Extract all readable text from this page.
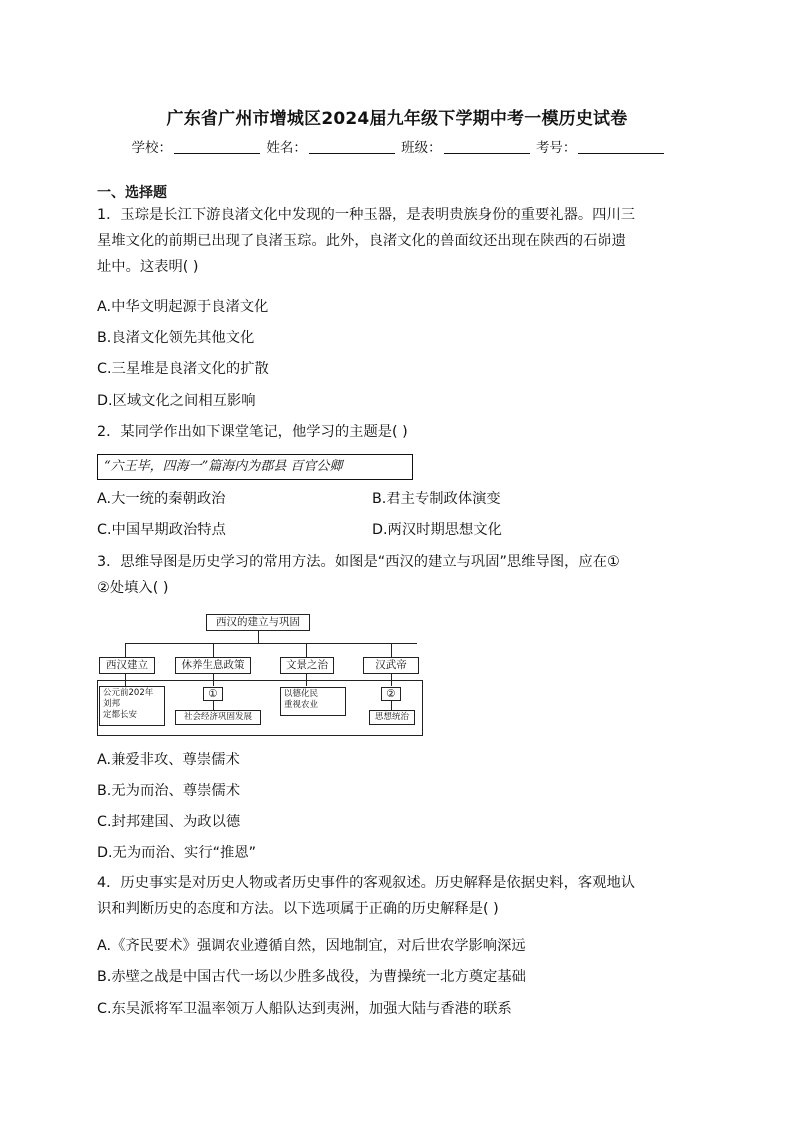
广东省广州市增城区2024届九年级下学期中考一模历史试卷
学校：	姓名：	班级：	考号：
一、选择题
1．玉琮是长江下游良渚文化中发现的一种玉器，是表明贵族身份的重要礼器。四川三
星堆文化的前期已出现了良渚玉琮。此外，良渚文化的兽面纹还出现在陕西的石峁遗
址中。这表明( )
A.中华文明起源于良渚文化
B.良渚文化领先其他文化
C.三星堆是良渚文化的扩散
D.区域文化之间相互影响
2．某同学作出如下课堂笔记，他学习的主题是( )
“六王毕，四海一”篇海内为郡县 百官公卿
A.大一统的秦朝政治	B.君主专制政体演变
C.中国早期政治特点	D.两汉时期思想文化
3．思维导图是历史学习的常用方法。如图是“西汉的建立与巩固”思维导图，应在①
②处填入( )
西汉的建立与巩固
西汉建立	休养生息政策	文景之治	汉武帝
公元前202年
刘邦
定都长安
①
社会经济巩固发展
以德化民
重视农业
②
思想统治
A.兼爱非攻、尊崇儒术
B.无为而治、尊崇儒术
C.封邦建国、为政以德
D.无为而治、实行“推恩”
4．历史事实是对历史人物或者历史事件的客观叙述。历史解释是依据史料，客观地认
识和判断历史的态度和方法。以下选项属于正确的历史解释是( )
A.《齐民要术》强调农业遵循自然，因地制宜，对后世农学影响深远
B.赤壁之战是中国古代一场以少胜多战役，为曹操统一北方奠定基础
C.东吴派将军卫温率领万人船队达到夷洲，加强大陆与香港的联系
